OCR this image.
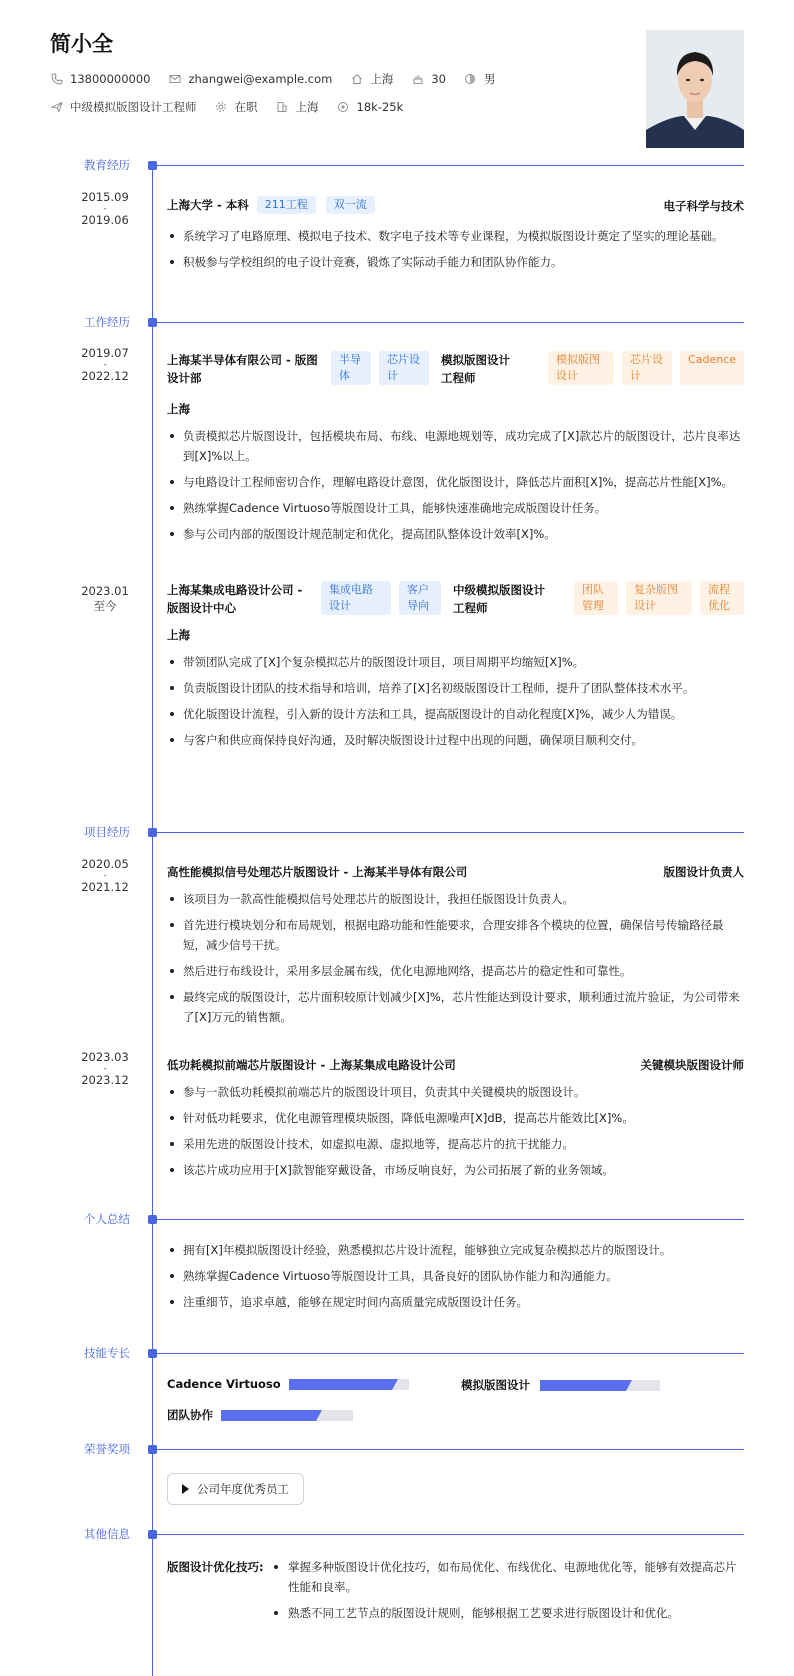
简小全
13800000000	zhangwei@example.com	上海	30	男
中级模拟版图设计工程师	在职	上海	18k-25k
教育经历
2015.09
-
2019.06
上海大学 - 本科	211工程	双一流	电子科学与技术
系统学习了电路原理、模拟电子技术、数字电子技术等专业课程，为模拟版图设计奠定了坚实的理论基础。
积极参与学校组织的电子设计竞赛，锻炼了实际动手能力和团队协作能力。
工作经历
2019.07
-
2022.12
上海某半导体有限公司 - 版图设计部
半导体
芯片设计
模拟版图设计工程师
模拟版图设计
芯片设计
Cadence
上海
负责模拟芯片版图设计，包括模块布局、布线、电源地规划等，成功完成了[X]款芯片的版图设计，芯片良率达到[X]%以上。
与电路设计工程师密切合作，理解电路设计意图，优化版图设计，降低芯片面积[X]%，提高芯片性能[X]%。
熟练掌握Cadence Virtuoso等版图设计工具，能够快速准确地完成版图设计任务。
参与公司内部的版图设计规范制定和优化，提高团队整体设计效率[X]%。
2023.01
至今
上海某集成电路设计公司 - 版图设计中心
集成电路设计
客户导向
中级模拟版图设计工程师
团队管理
复杂版图设计
流程优化
上海
带领团队完成了[X]个复杂模拟芯片的版图设计项目，项目周期平均缩短[X]%。
负责版图设计团队的技术指导和培训，培养了[X]名初级版图设计工程师，提升了团队整体技术水平。
优化版图设计流程，引入新的设计方法和工具，提高版图设计的自动化程度[X]%，减少人为错误。
与客户和供应商保持良好沟通，及时解决版图设计过程中出现的问题，确保项目顺利交付。
项目经历
2020.05
-
2021.12
高性能模拟信号处理芯片版图设计 - 上海某半导体有限公司	版图设计负责人
该项目为一款高性能模拟信号处理芯片的版图设计，我担任版图设计负责人。
首先进行模块划分和布局规划，根据电路功能和性能要求，合理安排各个模块的位置，确保信号传输路径最短，减少信号干扰。
然后进行布线设计，采用多层金属布线，优化电源地网络，提高芯片的稳定性和可靠性。
最终完成的版图设计，芯片面积较原计划减少[X]%，芯片性能达到设计要求，顺利通过流片验证，为公司带来了[X]万元的销售额。
2023.03
-
2023.12
低功耗模拟前端芯片版图设计 - 上海某集成电路设计公司	关键模块版图设计师
参与一款低功耗模拟前端芯片的版图设计项目，负责其中关键模块的版图设计。
针对低功耗要求，优化电源管理模块版图，降低电源噪声[X]dB，提高芯片能效比[X]%。
采用先进的版图设计技术，如虚拟电源、虚拟地等，提高芯片的抗干扰能力。
该芯片成功应用于[X]款智能穿戴设备，市场反响良好，为公司拓展了新的业务领域。
个人总结
拥有[X]年模拟版图设计经验，熟悉模拟芯片设计流程，能够独立完成复杂模拟芯片的版图设计。
熟练掌握Cadence Virtuoso等版图设计工具，具备良好的团队协作能力和沟通能力。
注重细节，追求卓越，能够在规定时间内高质量完成版图设计任务。
技能专长
Cadence Virtuoso	模拟版图设计
团队协作
荣誉奖项
公司年度优秀员工
其他信息
版图设计优化技巧:	掌握多种版图设计优化技巧，如布局优化、布线优化、电源地优化等，能够有效提高芯片性能和良率。
熟悉不同工艺节点的版图设计规则，能够根据工艺要求进行版图设计和优化。
